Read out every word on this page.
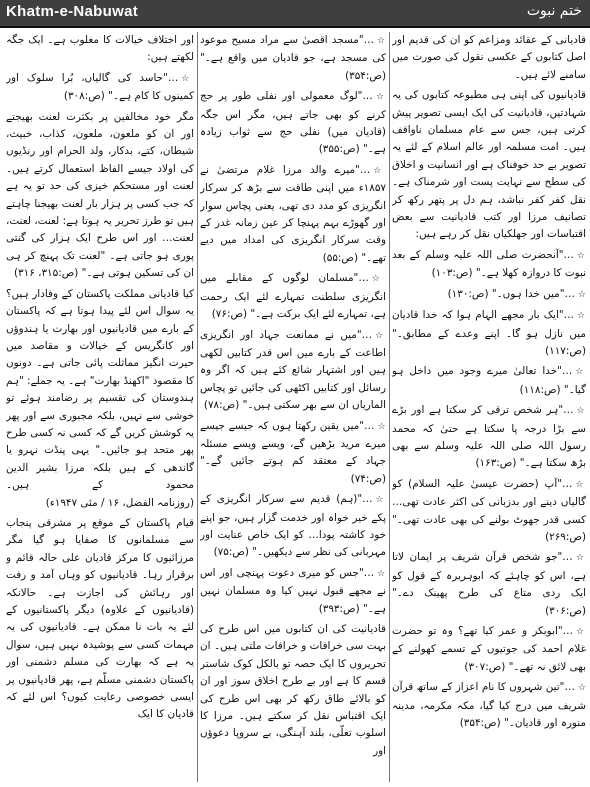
Khatm-e-Nabuwat	ختم نبوت

قادیانی کے عقائد ومزاعم کو ان کی قدیم اور اصل کتابوں کے عکسی نقول کی صورت میں سامنے لائے ہیں۔

قادیانیوں کی اپنی ہی مطبوعہ کتابوں کی یہ شہادتیں، قادیانیت کی ایک ایسی تصویر پیش کرتی ہیں، جس سے عام مسلمان ناواقف ہیں۔ امت مسلمہ اور عالم اسلام کے لئے یہ تصویر بے حد خوفناک ہے اور انسانیت و اخلاق کی سطح سے نہایت پست اور شرمناک ہے۔ نقل کفر کفر نباشد، ہم دل پر پتھر رکھ کر تصانیف مرزا اور کتب قادیانیت سے بعض اقتباسات اور جھلکیاں نقل کر رہے ہیں:

☆…"آنحضرت صلی اللہ علیہ وسلم کے بعد نبوت کا دروازہ کھلا ہے۔" (ص:۱۰۳)

☆…"میں خدا ہوں۔" (ص:۱۳۰)

☆…"ایک بار مجھے الہام ہوا کہ خدا قادیان میں نازل ہو گا۔ اپنے وعدے کے مطابق۔" (ص:۱۱۷)

☆…"خدا تعالیٰ میرے وجود میں داخل ہو گیا۔" (ص:۱۱۸)

☆…"ہر شخص ترقی کر سکتا ہے اور بڑے سے بڑا درجہ پا سکتا ہے حتیٰ کہ محمد رسول اللہ صلی اللہ علیہ وسلم سے بھی بڑھ سکتا ہے۔" (ص:۱۶۳)

☆…"آپ (حضرت عیسیٰ علیہ السلام) کو گالیاں دینے اور بدزبانی کی اکثر عادت تھی… کسی قدر جھوٹ بولنے کی بھی عادت تھی۔" (ص:۲۶۹)

☆…"جو شخص قرآن شریف پر ایمان لاتا ہے، اس کو چاہئے کہ ابوہریرہ کے قول کو ایک ردی متاع کی طرح پھینک دے۔" (ص:۳۰۶)

☆…"ابوبکر و عمر کیا تھے؟ وہ تو حضرت غلام احمد کی جوتیوں کے تسمے کھولنے کے بھی لائق نہ تھے۔" (ص:۳۰۷)

☆…"تین شہروں کا نام اعزاز کے ساتھ قرآن شریف میں درج کیا گیا، مکہ مکرمہ، مدینہ منورہ اور قادیان۔" (ص:۳۵۴)

☆…"مسجد اقصیٰ سے مراد مسیح موعود کی مسجد ہے، جو قادیان میں واقع ہے۔" (ص:۳۵۴)

☆…"لوگ معمولی اور نفلی طور پر حج کرنے کو بھی جاتے ہیں، مگر اس جگہ (قادیان میں) نفلی حج سے ثواب زیادہ ہے۔" (ص:۳۵۵)

☆…"میرے والد مرزا غلام مرتضیٰ نے ۱۸۵۷ء میں اپنی طاقت سے بڑھ کر سرکار انگریزی کو مدد دی تھی، یعنی پچاس سوار اور گھوڑے بہم پہنچا کر عین زمانہ غدر کے وقت سرکار انگریزی کی امداد میں دیے تھے۔" (ص:۵۵)

☆…"مسلمان لوگوں کے مقابلے میں انگریزی سلطنت تمہارے لئے ایک رحمت ہے، تمہارے لئے ایک برکت ہے۔" (ص:۷۶)

☆…"میں نے ممانعت جہاد اور انگریزی اطاعت کے بارے میں اس قدر کتابیں لکھی ہیں اور اشتہار شائع کئے ہیں کہ اگر وہ رسائل اور کتابیں اکٹھی کی جائیں تو پچاس الماریاں ان سے بھر سکتی ہیں۔" (ص:۷۸)

☆…"میں یقین رکھتا ہوں کہ جیسے جیسے میرے مرید بڑھیں گے، ویسے ویسے مسئلہ جہاد کے معتقد کم ہوتے جائیں گے۔" (ص:۷۴)

☆…"(ہم) قدیم سے سرکار انگریزی کے پکے خیر خواہ اور خدمت گزار ہیں، جو اپنے خود کاشتہ پودا… کو ایک خاص عنایت اور مہربانی کی نظر سے دیکھیں۔" (ص:۷۵)

☆…"جس کو میری دعوت پہنچی اور اس نے مجھے قبول نہیں کیا وہ مسلمان نہیں ہے۔" (ص:۳۹۳)

قادیانیت کی ان کتابوں میں اس طرح کی بہت سی خرافات و خرافات ملتی ہیں۔ ان تحریروں کا ایک حصہ تو بالکل کوک شاستر قسم کا ہے اور بے طرح اخلاق سوز اور ان کو بالائے طاق رکھ کر بھی اس طرح کی ایک اقتباس نقل کر سکتے ہیں۔ مرزا کا اسلوب تعلّی، بلند آہنگی، بے سروپا دعوؤں اور

اور اختلاف خیالات کا مغلوب ہے۔ ایک جگہ لکھتے ہیں:

☆…"حاسد کی گالیاں، بُرا سلوک اور کمینوں کا کام ہے۔" (ص:۳۰۸)

مگر خود مخالفین پر بکثرت لعنت بھیجتے اور ان کو ملعون، ملعون، کذاب، خبیث، شیطان، کتے، بدکار، ولد الحرام اور رنڈیوں کی اولاد جیسے الفاظ استعمال کرتے ہیں۔ لعنت اور مستحکم خیزی کی حد تو یہ ہے کہ جب کسی پر ہزار بار لعنت بھیجنا چاہتے ہیں تو طرز تحریر یہ ہوتا ہے: لعنت، لعنت، لعنت… اور اس طرح ایک ہزار کی گنتی پوری ہو جاتی ہے۔ "لعنت تک پہنچ کر ہی ان کی تسکین ہوتی ہے۔" (ص:۳۱۵، ۳۱۶)

کیا قادیانی مملکت پاکستان کے وفادار ہیں؟ یہ سوال اس لئے پیدا ہوتا ہے کہ پاکستان کے بارے میں قادیانیوں اور بھارت یا ہندوؤں اور کانگریس کے خیالات و مقاصد میں حیرت انگیز مماثلت پائی جاتی ہے۔ دونوں کا مقصود "اکھنڈ بھارت" ہے۔ یہ جملے: "ہم ہندوستان کی تقسیم پر رضامند ہوئے تو خوشی سے نہیں، بلکہ مجبوری سے اور پھر یہ کوشش کریں گے کہ کسی نہ کسی طرح پھر متحد ہو جائیں۔" یہی پنڈت نہرو یا گاندھی کے ہیں بلکہ مرزا بشیر الدین محمود کے ہیں۔ (روزنامہ الفضل، ۱۶ / مئی ۱۹۴۷ء)

قیام پاکستان کے موقع پر مشرقی پنجاب سے مسلمانوں کا صفایا ہو گیا مگر مرزائیوں کا مرکز قادیان علی حالہ قائم و برقرار رہا۔ قادیانیوں کو وہاں آمد و رفت اور رہائش کی اجازت ہے۔ حالانکہ (قادیانیوں کے علاوہ) دیگر پاکستانیوں کے لئے یہ بات نا ممکن ہے۔ قادیانیوں کی یہ مہمات کسی سے پوشیدہ نہیں ہیں، سوال یہ ہے کہ بھارت کی مسلم دشمنی اور پاکستان دشمنی مسلّم ہے، پھر قادیانیوں پر ایسی خصوصی رعایت کیوں؟ اس لئے کہ قادیان کا ایک
